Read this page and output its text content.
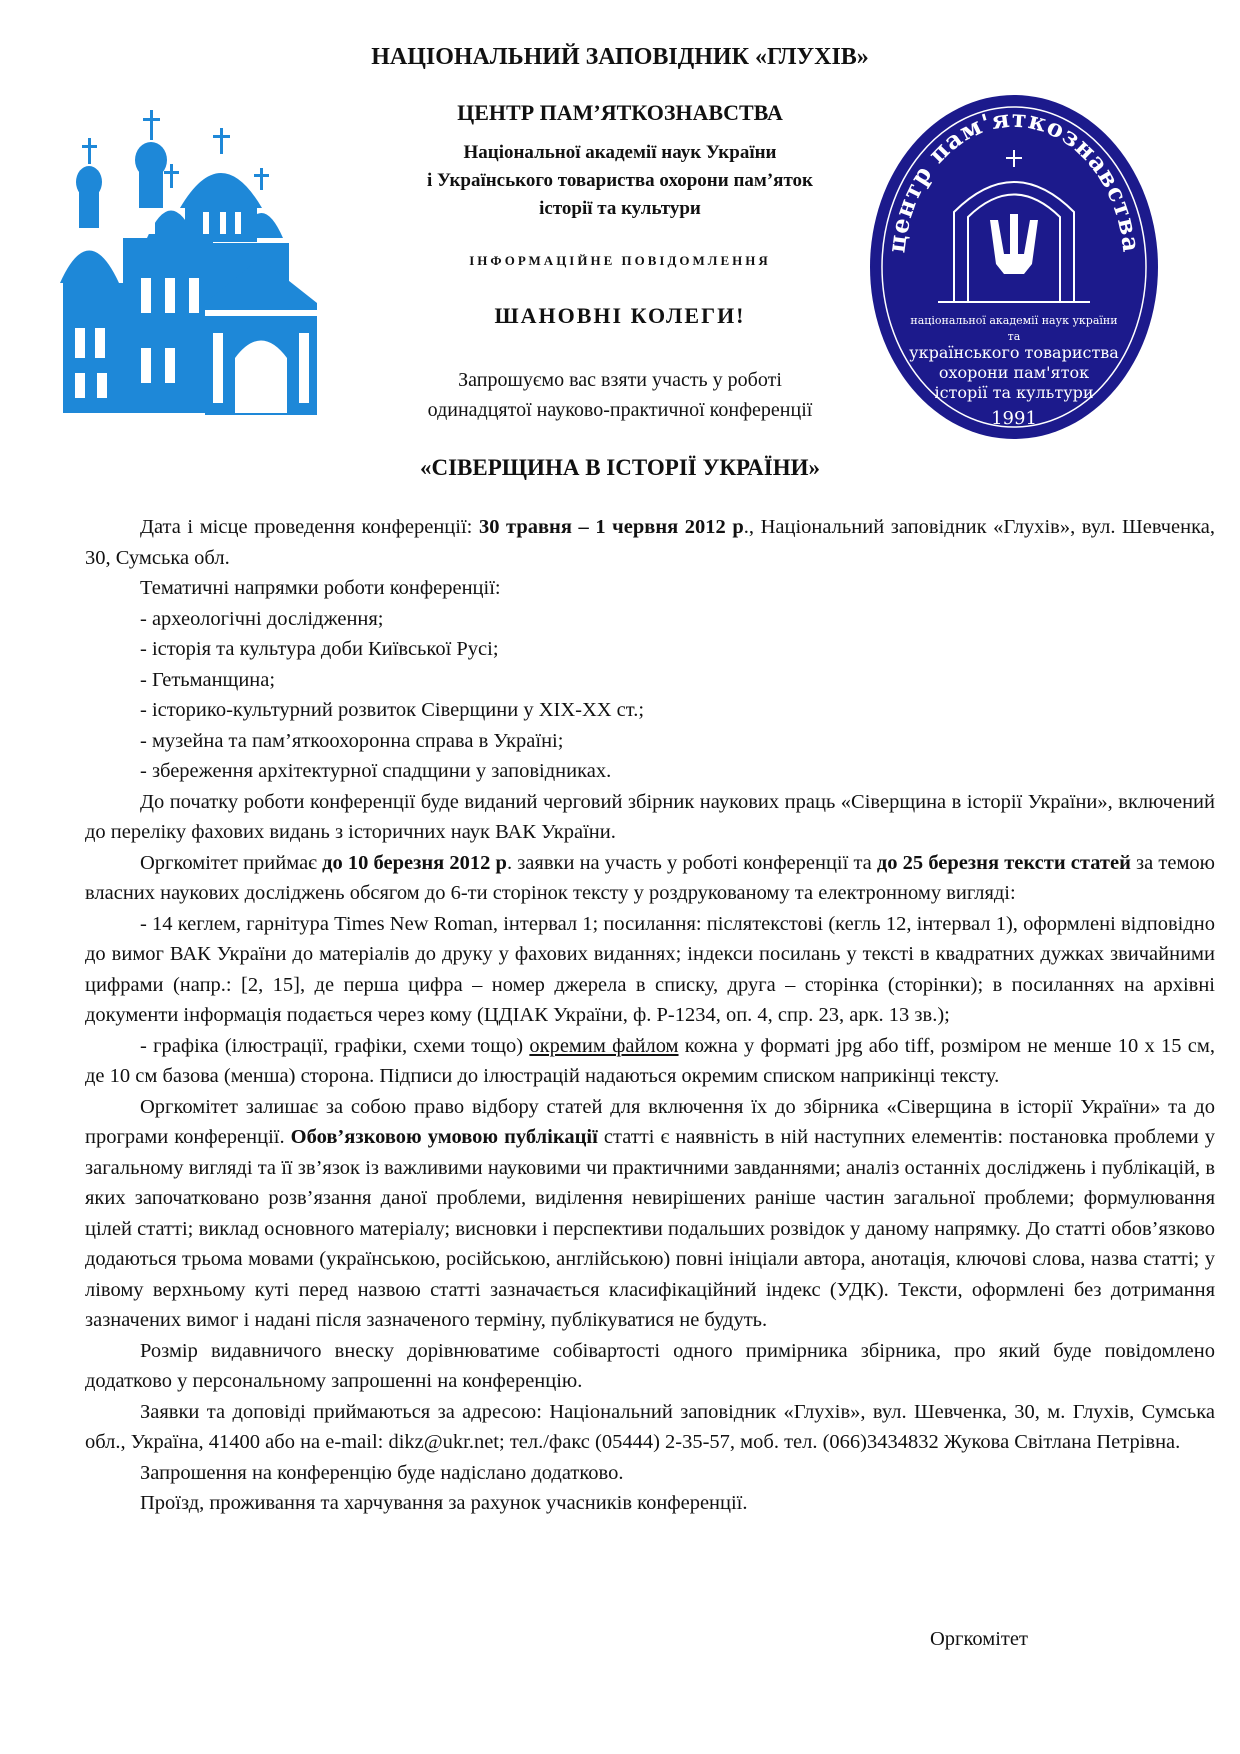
НАЦІОНАЛЬНИЙ ЗАПОВІДНИК «ГЛУХІВ»
ЦЕНТР ПАМ’ЯТКОЗНАВСТВА
Національної академії наук України
і Українського товариства охорони пам’яток
історії та культури
ІНФОРМАЦІЙНЕ ПОВІДОМЛЕННЯ
ШАНОВНІ КОЛЕГИ!
Запрошуємо вас взяти участь у роботі
одинадцятої науково-практичної конференції
«СІВЕРЩИНА В ІСТОРІЇ УКРАЇНИ»
центр пам'яткознавства
національної академії наук україни
та
українського товариства
охорони пам'яток
історії та культури
1991

Дата і місце проведення конференції: 30 травня – 1 червня 2012 р., Національний заповідник «Глухів», вул. Шевченка, 30, Сумська обл.

Тематичні напрямки роботи конференції:

- археологічні дослідження;

- історія та культура доби Київської Русі;

- Гетьманщина;

- історико-культурний розвиток Сіверщини у ХІХ-ХХ ст.;

- музейна та пам’яткоохоронна справа в Україні;

- збереження архітектурної спадщини у заповідниках.

До початку роботи конференції буде виданий черговий збірник наукових праць «Сіверщина в історії України», включений до переліку фахових видань з історичних наук ВАК України.

Оргкомітет приймає до 10 березня 2012 р. заявки на участь у роботі конференції та до 25 березня тексти статей за темою власних наукових досліджень обсягом до 6-ти сторінок тексту у роздрукованому та електронному вигляді:

- 14 кеглем, гарнітура Times New Roman, інтервал 1; посилання: післятекстові (кегль 12, інтервал 1), оформлені відповідно до вимог ВАК України до матеріалів до друку у фахових виданнях; індекси посилань у тексті в квадратних дужках звичайними цифрами (напр.: [2, 15], де перша цифра – номер джерела в списку, друга – сторінка (сторінки); в посиланнях на архівні документи інформація подається через кому (ЦДІАК України, ф. Р-1234, оп. 4, спр. 23, арк. 13 зв.);

- графіка (ілюстрації, графіки, схеми тощо) окремим файлом кожна у форматі jpg або tiff, розміром не менше 10 х 15 см, де 10 см базова (менша) сторона. Підписи до ілюстрацій надаються окремим списком наприкінці тексту.

Оргкомітет залишає за собою право відбору статей для включення їх до збірника «Сіверщина в історії України» та до програми конференції. Обов’язковою умовою публікації статті є наявність в ній наступних елементів: постановка проблеми у загальному вигляді та її зв’язок із важливими науковими чи практичними завданнями; аналіз останніх досліджень і публікацій, в яких започатковано розв’язання даної проблеми, виділення невирішених раніше частин загальної проблеми; формулювання цілей статті; виклад основного матеріалу; висновки і перспективи подальших розвідок у даному напрямку. До статті обов’язково додаються трьома мовами (українською, російською, англійською) повні ініціали автора, анотація, ключові слова, назва статті; у лівому верхньому куті перед назвою статті зазначається класифікаційний індекс (УДК). Тексти, оформлені без дотримання зазначених вимог і надані після зазначеного терміну, публікуватися не будуть.

Розмір видавничого внеску дорівнюватиме собівартості одного примірника збірника, про який буде повідомлено додатково у персональному запрошенні на конференцію.

Заявки та доповіді приймаються за адресою: Національний заповідник «Глухів», вул. Шевченка, 30, м. Глухів, Сумська обл., Україна, 41400 або на e-mail: dikz@ukr.net; тел./факс (05444) 2-35-57, моб. тел. (066)3434832 Жукова Світлана Петрівна.

Запрошення на конференцію буде надіслано додатково.

Проїзд, проживання та харчування за рахунок учасників конференції.

Оргкомітет
